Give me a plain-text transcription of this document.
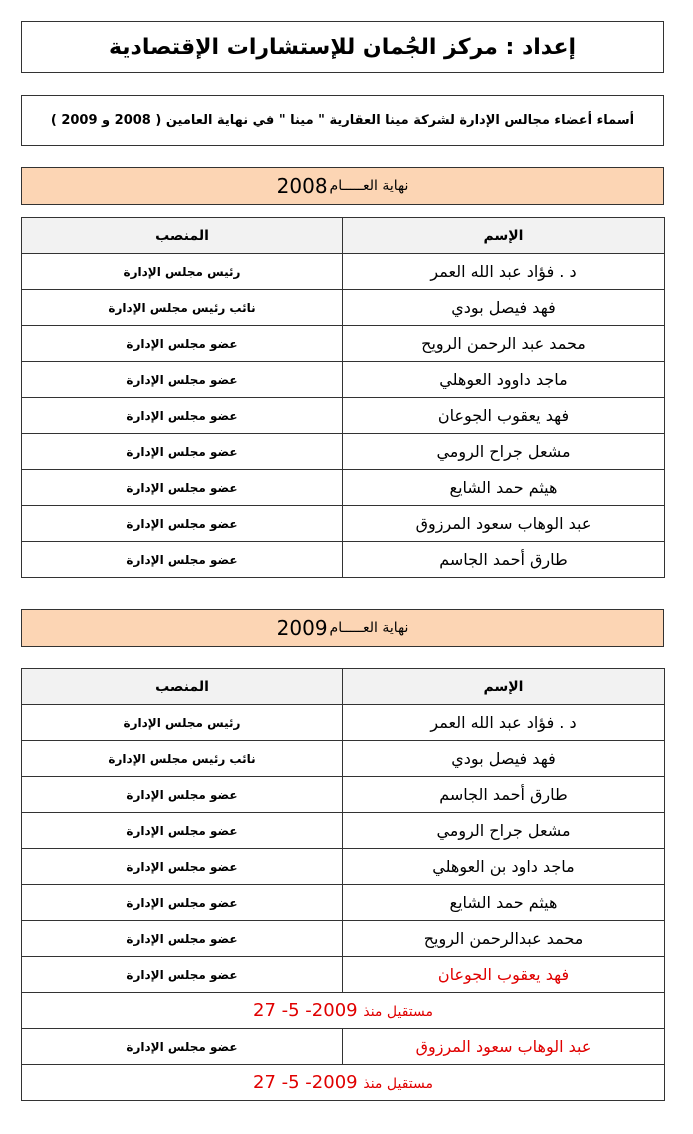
إعداد : مركز الجُمان للإستشارات الإقتصادية
أسماء أعضاء مجالس الإدارة لشركة مينا العقارية " مينا " في نهاية العامين ( 2008 و 2009 )
نهاية العـــــام
2008
الإسم	المنصب
د . فؤاد عبد الله العمر	رئيس مجلس الإدارة
فهد فيصل بودي	نائب رئيس مجلس الإدارة
محمد عبد الرحمن الرويح	عضو مجلس الإدارة
ماجد داوود العوهلي	عضو مجلس الإدارة
فهد يعقوب الجوعان	عضو مجلس الإدارة
مشعل جراح الرومي	عضو مجلس الإدارة
هيثم حمد الشايع	عضو مجلس الإدارة
عبد الوهاب سعود المرزوق	عضو مجلس الإدارة
طارق أحمد الجاسم	عضو مجلس الإدارة
نهاية العـــــام
2009
الإسم	المنصب
د . فؤاد عبد الله العمر	رئيس مجلس الإدارة
فهد فيصل بودي	نائب رئيس مجلس الإدارة
طارق أحمد الجاسم	عضو مجلس الإدارة
مشعل جراح الرومي	عضو مجلس الإدارة
ماجد داود بن العوهلي	عضو مجلس الإدارة
هيثم حمد الشايع	عضو مجلس الإدارة
محمد عبدالرحمن الرويح	عضو مجلس الإدارة
فهد يعقوب الجوعان	عضو مجلس الإدارة
مستقيل منذ 27 -5 -2009	
عبد الوهاب سعود المرزوق	عضو مجلس الإدارة
مستقيل منذ 27 -5 -2009	
